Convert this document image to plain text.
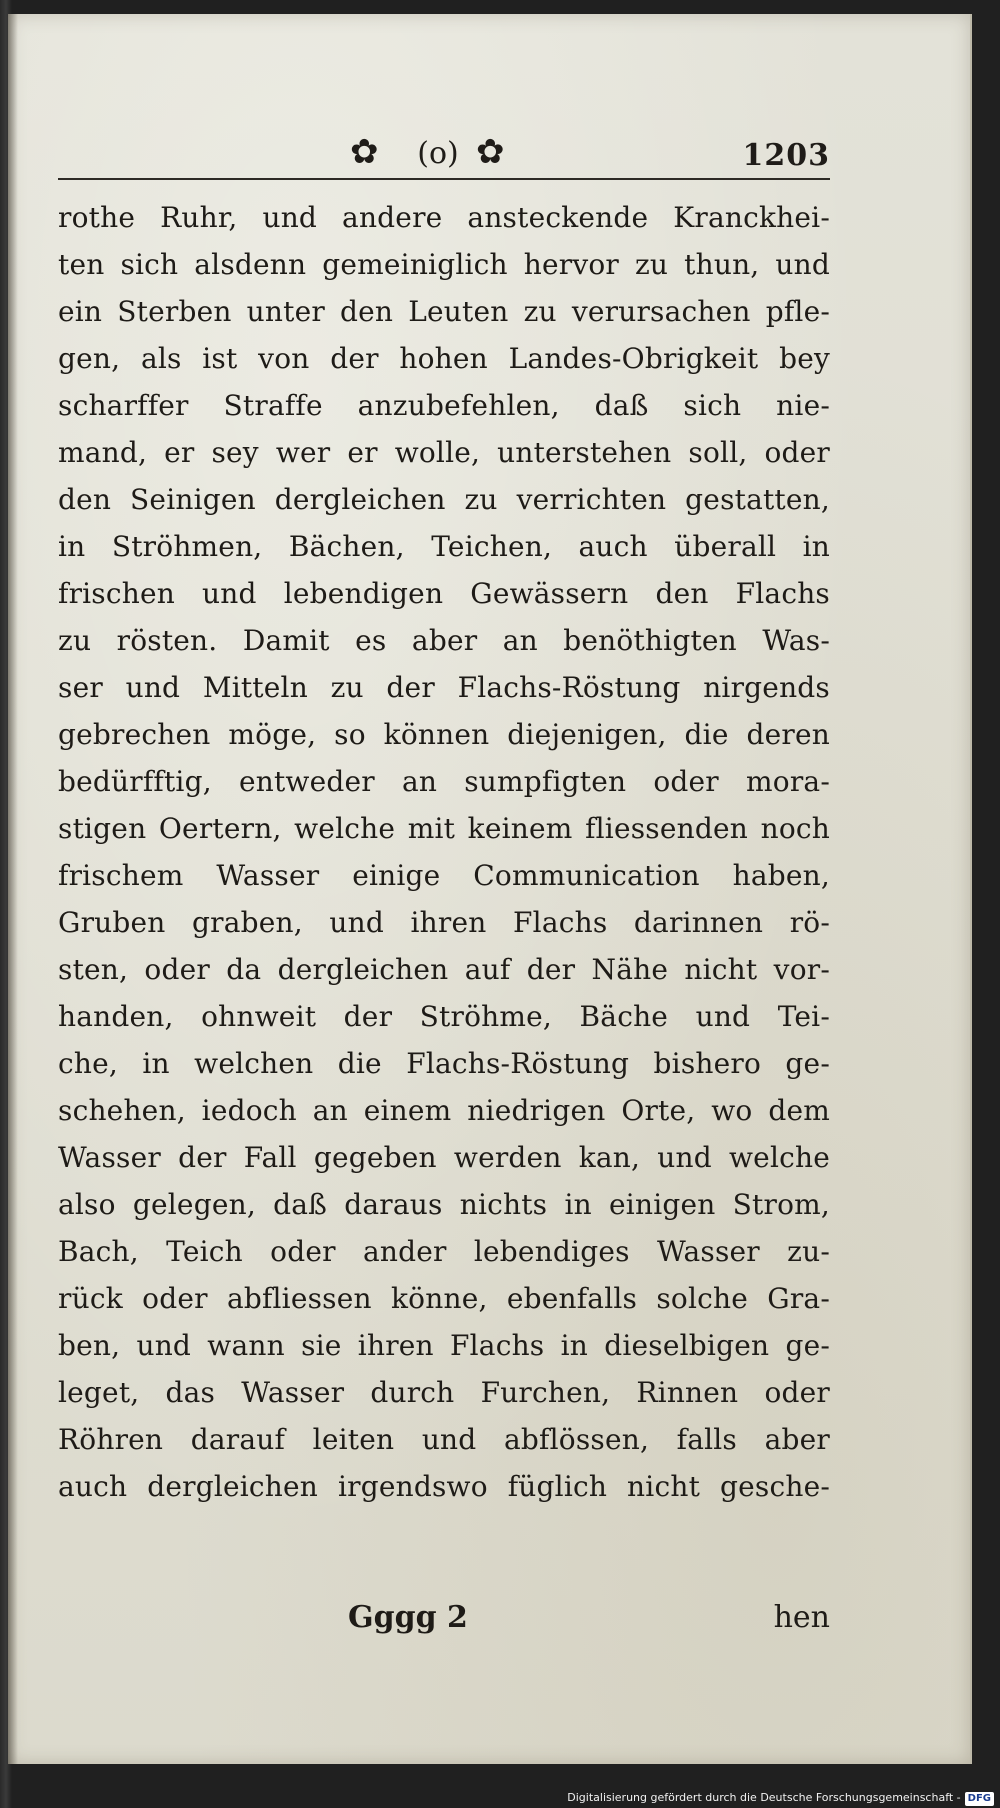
✿	(o) ✿	1203
rothe Ruhr, und andere ansteckende Kranckhei-
ten sich alsdenn gemeiniglich hervor zu thun, und
ein Sterben unter den Leuten zu verursachen pfle-
gen, als ist von der hohen Landes-Obrigkeit bey
scharffer Straffe anzubefehlen, daß sich nie-
mand, er sey wer er wolle, unterstehen soll, oder
den Seinigen dergleichen zu verrichten gestatten,
in Ströhmen, Bächen, Teichen, auch überall in
frischen und lebendigen Gewässern den Flachs
zu rösten. Damit es aber an benöthigten Was-
ser und Mitteln zu der Flachs-Röstung nirgends
gebrechen möge, so können diejenigen, die deren
bedürfftig, entweder an sumpfigten oder mora-
stigen Oertern, welche mit keinem fliessenden noch
frischem Wasser einige Communication haben,
Gruben graben, und ihren Flachs darinnen rö-
sten, oder da dergleichen auf der Nähe nicht vor-
handen, ohnweit der Ströhme, Bäche und Tei-
che, in welchen die Flachs-Röstung bishero ge-
schehen, iedoch an einem niedrigen Orte, wo dem
Wasser der Fall gegeben werden kan, und welche
also gelegen, daß daraus nichts in einigen Strom,
Bach, Teich oder ander lebendiges Wasser zu-
rück oder abfliessen könne, ebenfalls solche Gra-
ben, und wann sie ihren Flachs in dieselbigen ge-
leget, das Wasser durch Furchen, Rinnen oder
Röhren darauf leiten und abflössen, falls aber
auch dergleichen irgendswo füglich nicht gesche-
Gggg 2	hen
Digitalisierung gefördert durch die Deutsche Forschungsgemeinschaft - DFG
